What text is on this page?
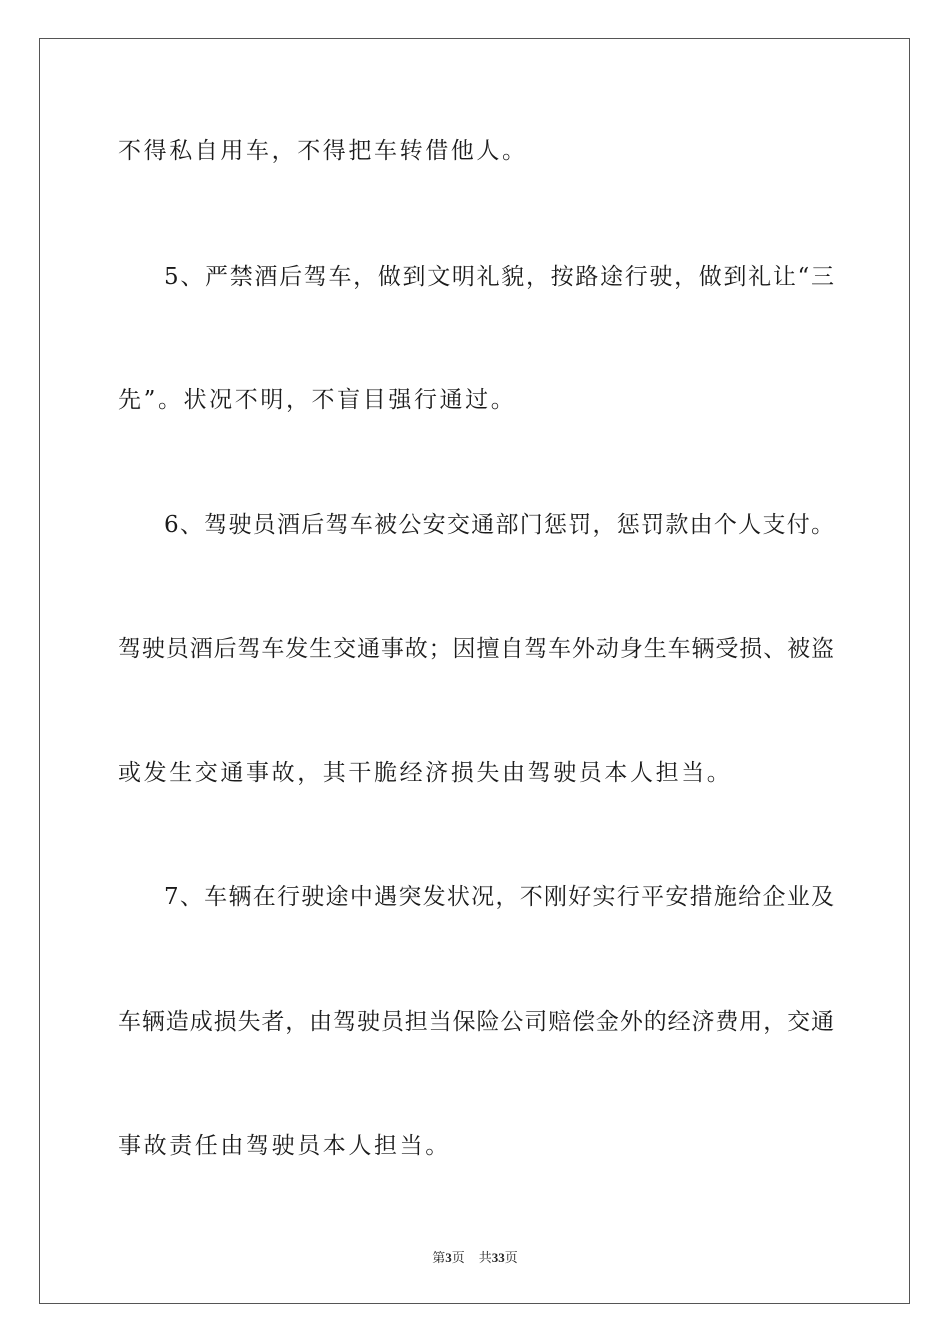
不得私自用车，不得把车转借他人。
5、严禁酒后驾车，做到文明礼貌，按路途行驶，做到礼让“三
先”。状况不明，不盲目强行通过。
6、驾驶员酒后驾车被公安交通部门惩罚，惩罚款由个人支付。
驾驶员酒后驾车发生交通事故；因擅自驾车外动身生车辆受损、被盗
或发生交通事故，其干脆经济损失由驾驶员本人担当。
7、车辆在行驶途中遇突发状况，不刚好实行平安措施给企业及
车辆造成损失者，由驾驶员担当保险公司赔偿金外的经济费用，交通
事故责任由驾驶员本人担当。
第3页 共33页
